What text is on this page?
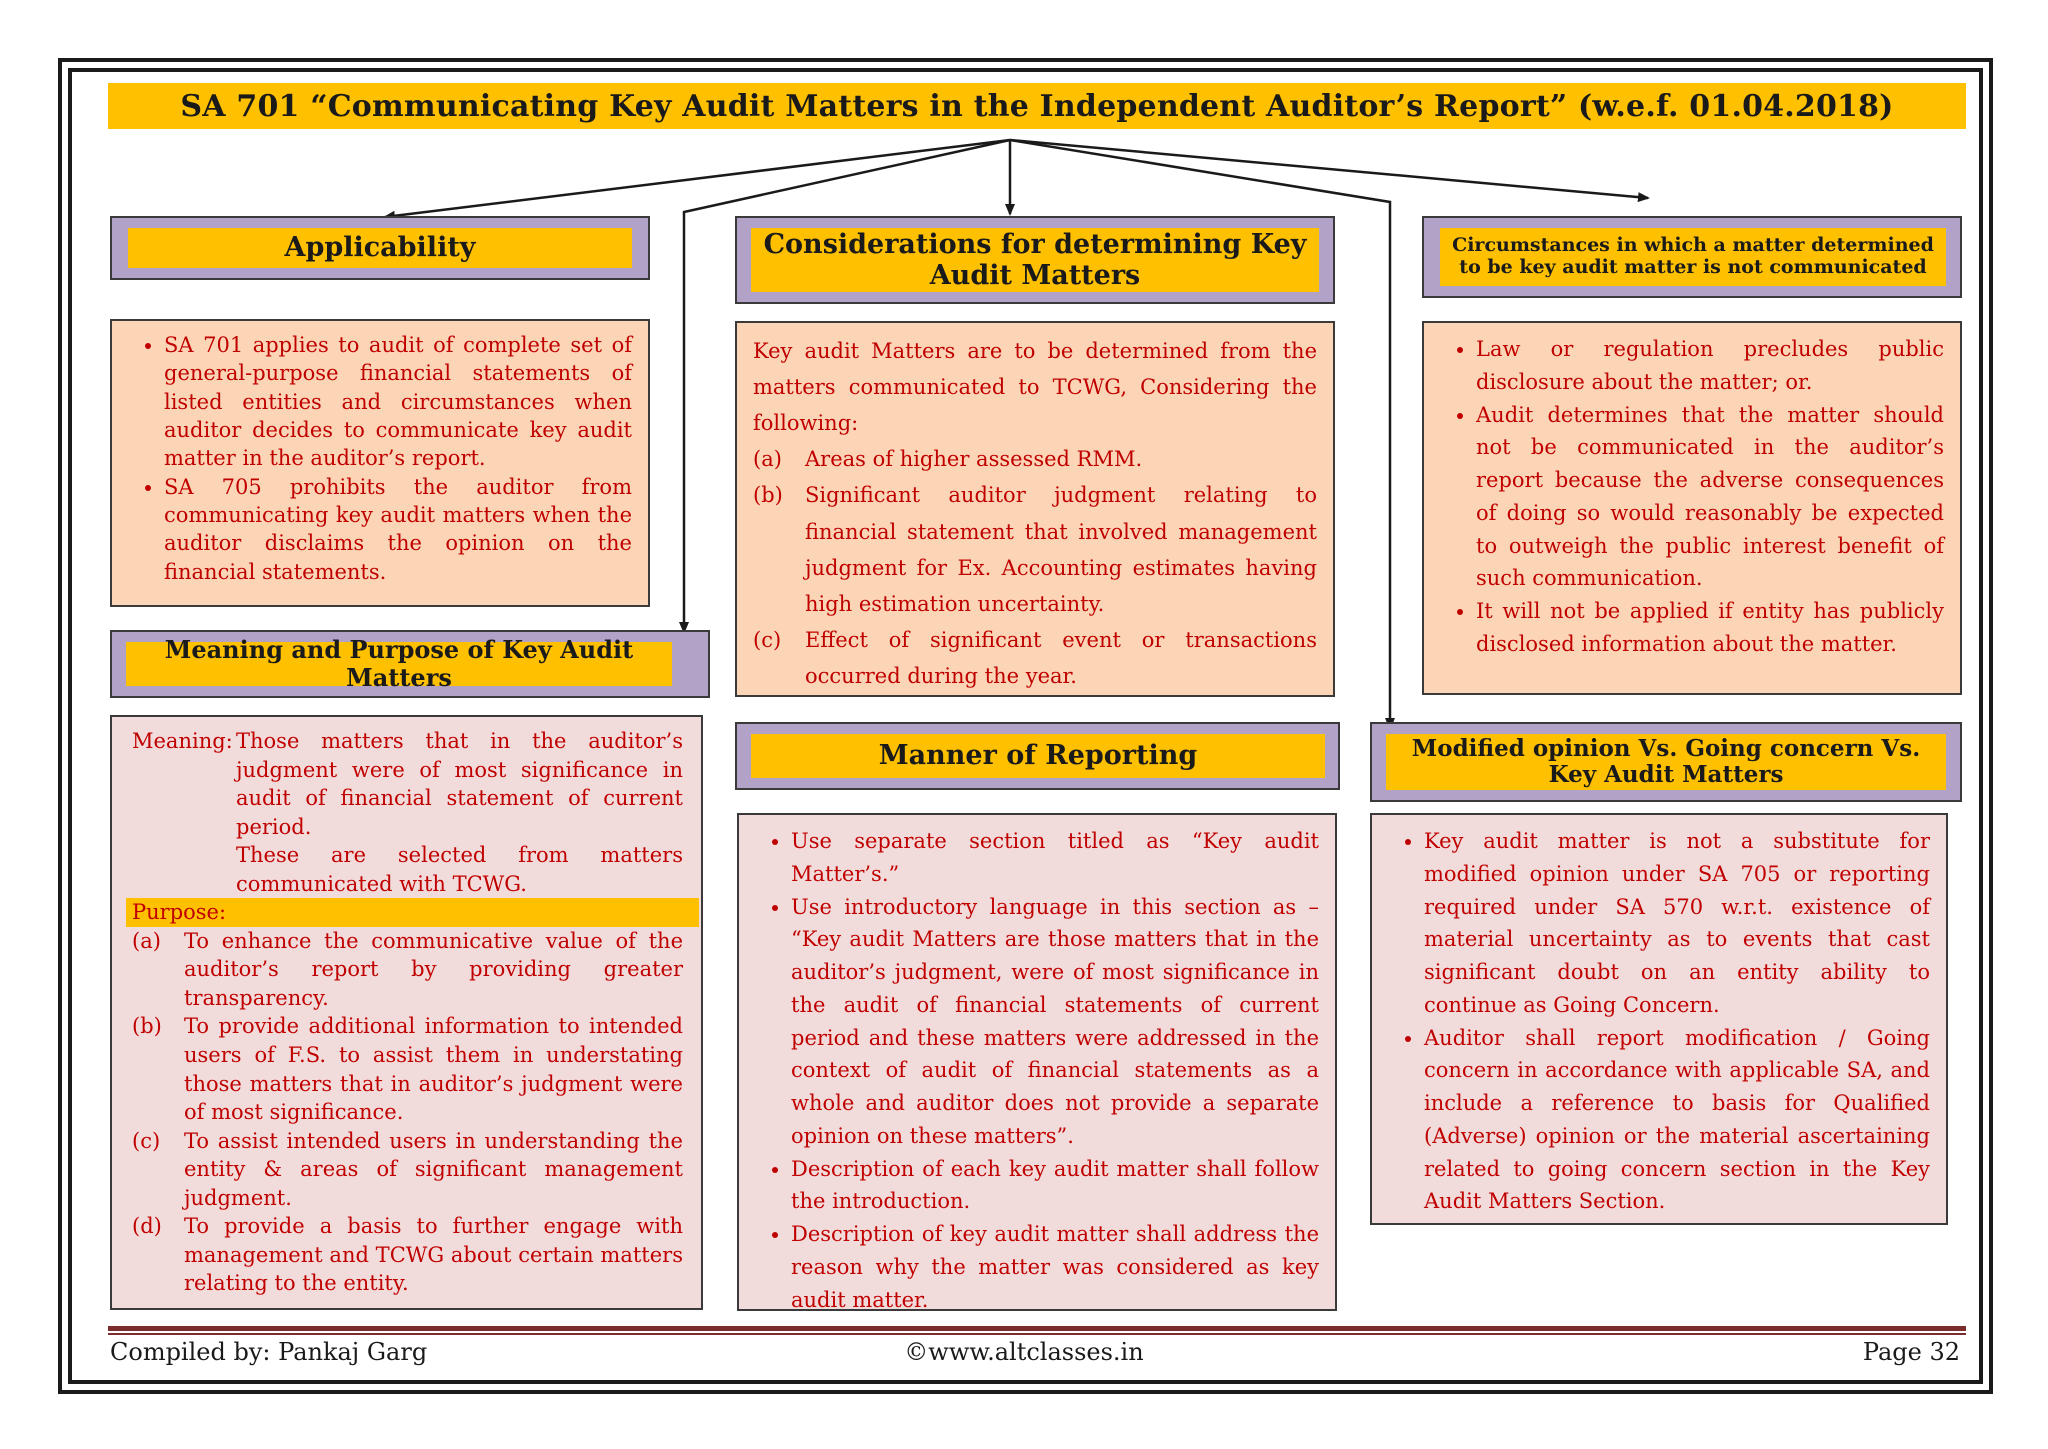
SA 701 “Communicating Key Audit Matters in the Independent Auditor’s Report” (w.e.f. 01.04.2018)
Applicability
• SA 701 applies to audit of complete set of general-purpose financial statements of listed entities and circumstances when auditor decides to communicate key audit matter in the auditor’s report.
• SA 705 prohibits the auditor from communicating key audit matters when the auditor disclaims the opinion on the financial statements.
Considerations for determining Key Audit Matters
Key audit Matters are to be determined from the matters communicated to TCWG, Considering the following:
(a)	Areas of higher assessed RMM.
(b)	Significant auditor judgment relating to financial statement that involved management judgment for Ex. Accounting estimates having high estimation uncertainty.
(c)	Effect of significant event or transactions occurred during the year.
Circumstances in which a matter determined to be key audit matter is not communicated
• Law or regulation precludes public disclosure about the matter; or.
• Audit determines that the matter should not be communicated in the auditor’s report because the adverse consequences of doing so would reasonably be expected to outweigh the public interest benefit of such communication.
• It will not be applied if entity has publicly disclosed information about the matter.
Meaning and Purpose of Key Audit Matters
Meaning: Those matters that in the auditor’s judgment were of most significance in audit of financial statement of current period.
These are selected from matters communicated with TCWG.
Purpose:
(a)	To enhance the communicative value of the auditor’s report by providing greater transparency.
(b)	To provide additional information to intended users of F.S. to assist them in understating those matters that in auditor’s judgment were of most significance.
(c)	To assist intended users in understanding the entity & areas of significant management judgment.
(d)	To provide a basis to further engage with management and TCWG about certain matters relating to the entity.
Manner of Reporting
• Use separate section titled as “Key audit Matter’s.”
• Use introductory language in this section as – “Key audit Matters are those matters that in the auditor’s judgment, were of most significance in the audit of financial statements of current period and these matters were addressed in the context of audit of financial statements as a whole and auditor does not provide a separate opinion on these matters”.
• Description of each key audit matter shall follow the introduction.
• Description of key audit matter shall address the reason why the matter was considered as key audit matter.
Modified opinion Vs. Going concern Vs. Key Audit Matters
• Key audit matter is not a substitute for modified opinion under SA 705 or reporting required under SA 570 w.r.t. existence of material uncertainty as to events that cast significant doubt on an entity ability to continue as Going Concern.
• Auditor shall report modification / Going concern in accordance with applicable SA, and include a reference to basis for Qualified (Adverse) opinion or the material ascertaining related to going concern section in the Key Audit Matters Section.
Compiled by: Pankaj Garg	©www.altclasses.in	Page 32
